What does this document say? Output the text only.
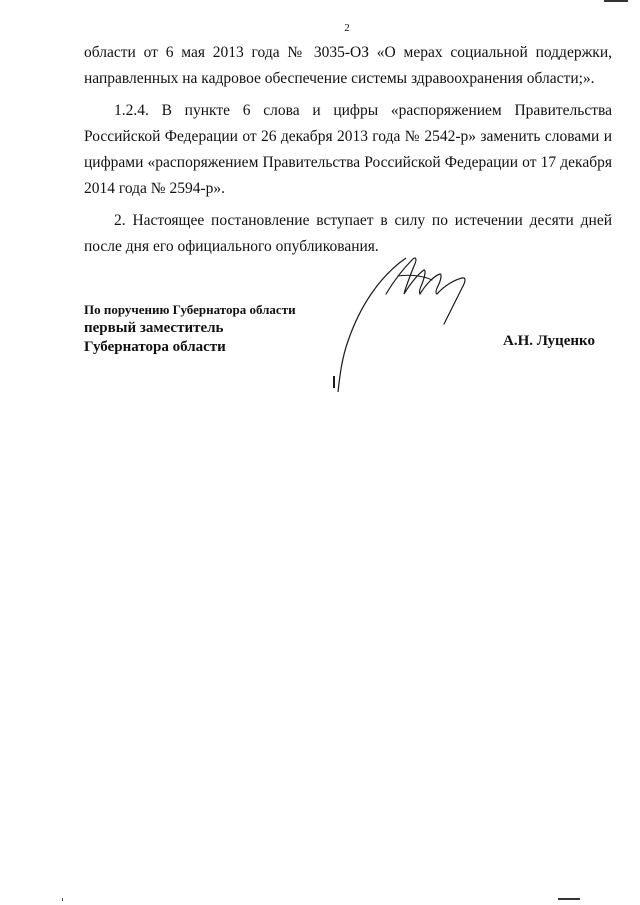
2

области от 6 мая 2013 года № 3035-ОЗ «О мерах социальной поддержки, направленных на кадровое обеспечение системы здравоохранения области;».

1.2.4. В пункте 6 слова и цифры «распоряжением Правительства Российской Федерации от 26 декабря 2013 года № 2542-р» заменить словами и цифрами «распоряжением Правительства Российской Федерации от 17 декабря 2014 года № 2594-р».

2. Настоящее постановление вступает в силу по истечении десяти дней после дня его официального опубликования.

По поручению Губернатора области
первый заместитель
Губернатора области	А.Н. Луценко
